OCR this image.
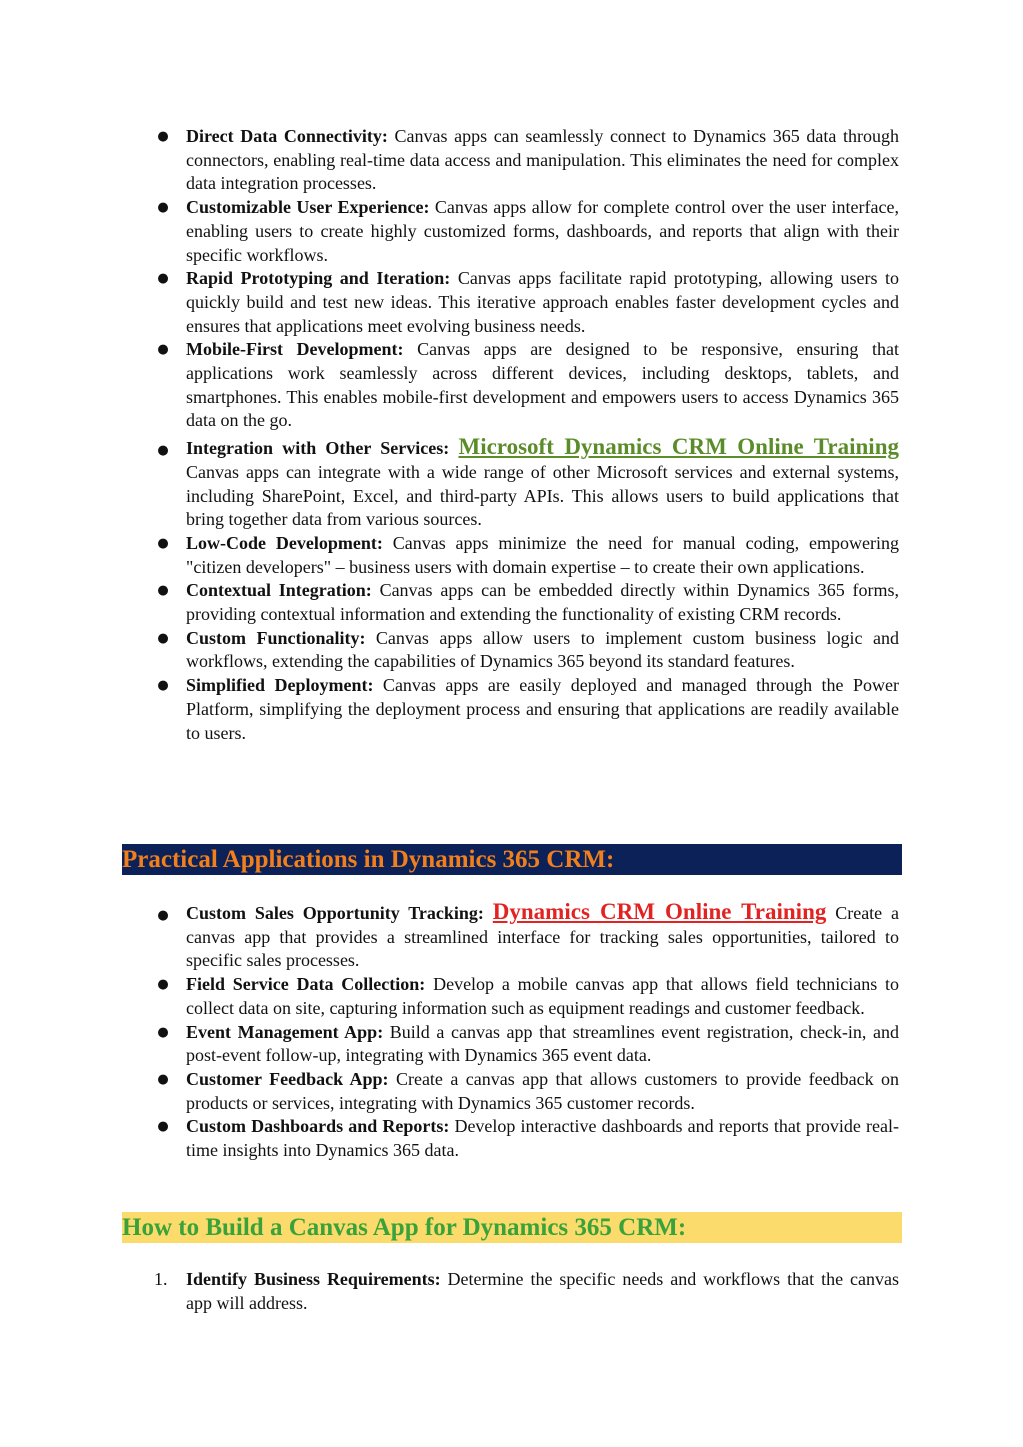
● Direct Data Connectivity: Canvas apps can seamlessly connect to Dynamics 365 data through connectors, enabling real-time data access and manipulation. This eliminates the need for complex data integration processes.
● Customizable User Experience: Canvas apps allow for complete control over the user interface, enabling users to create highly customized forms, dashboards, and reports that align with their specific workflows.
● Rapid Prototyping and Iteration: Canvas apps facilitate rapid prototyping, allowing users to quickly build and test new ideas. This iterative approach enables faster development cycles and ensures that applications meet evolving business needs.
● Mobile-First Development: Canvas apps are designed to be responsive, ensuring that applications work seamlessly across different devices, including desktops, tablets, and smartphones. This enables mobile-first development and empowers users to access Dynamics 365 data on the go.
● Integration with Other Services: Microsoft Dynamics CRM Online Training Canvas apps can integrate with a wide range of other Microsoft services and external systems, including SharePoint, Excel, and third-party APIs. This allows users to build applications that bring together data from various sources.
● Low-Code Development: Canvas apps minimize the need for manual coding, empowering "citizen developers" – business users with domain expertise – to create their own applications.
● Contextual Integration: Canvas apps can be embedded directly within Dynamics 365 forms, providing contextual information and extending the functionality of existing CRM records.
● Custom Functionality: Canvas apps allow users to implement custom business logic and workflows, extending the capabilities of Dynamics 365 beyond its standard features.
● Simplified Deployment: Canvas apps are easily deployed and managed through the Power Platform, simplifying the deployment process and ensuring that applications are readily available to users.
Practical Applications in Dynamics 365 CRM:
● Custom Sales Opportunity Tracking: Dynamics CRM Online Training Create a canvas app that provides a streamlined interface for tracking sales opportunities, tailored to specific sales processes.
● Field Service Data Collection: Develop a mobile canvas app that allows field technicians to collect data on site, capturing information such as equipment readings and customer feedback.
● Event Management App: Build a canvas app that streamlines event registration, check-in, and post-event follow-up, integrating with Dynamics 365 event data.
● Customer Feedback App: Create a canvas app that allows customers to provide feedback on products or services, integrating with Dynamics 365 customer records.
● Custom Dashboards and Reports: Develop interactive dashboards and reports that provide real-time insights into Dynamics 365 data.
How to Build a Canvas App for Dynamics 365 CRM:
1.	Identify Business Requirements: Determine the specific needs and workflows that the canvas app will address.
